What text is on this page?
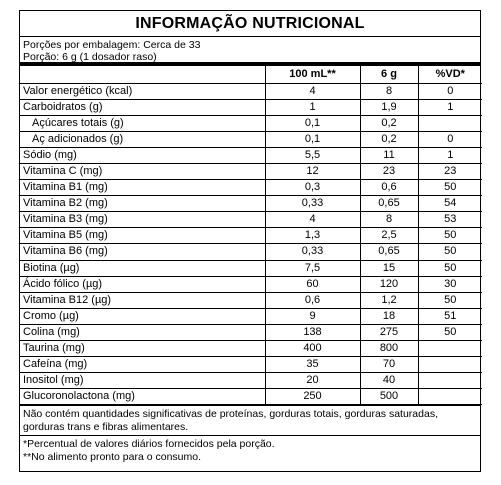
INFORMAÇÃO NUTRICIONAL
Porções por embalagem: Cerca de 33
Porção: 6 g (1 dosador raso)
	100 mL**	6 g	%VD*
Valor energético (kcal)	4	8	0
Carboidratos (g)	1	1,9	1
Açúcares totais (g)	0,1	0,2	
Aç adicionados (g)	0,1	0,2	0
Sódio (mg)	5,5	11	1
Vitamina C (mg)	12	23	23
Vitamina B1 (mg)	0,3	0,6	50
Vitamina B2 (mg)	0,33	0,65	54
Vitamina B3 (mg)	4	8	53
Vitamina B5 (mg)	1,3	2,5	50
Vitamina B6 (mg)	0,33	0,65	50
Biotina (µg)	7,5	15	50
Ácido fólico (µg)	60	120	30
Vitamina B12 (µg)	0,6	1,2	50
Cromo (µg)	9	18	51
Colina (mg)	138	275	50
Taurina (mg)	400	800	
Cafeína (mg)	35	70	
Inositol (mg)	20	40	
Glucoronolactona (mg)	250	500	
Não contém quantidades significativas de proteínas, gorduras totais, gorduras saturadas, gorduras trans e fibras alimentares.
*Percentual de valores diários fornecidos pela porção.
**No alimento pronto para o consumo.
